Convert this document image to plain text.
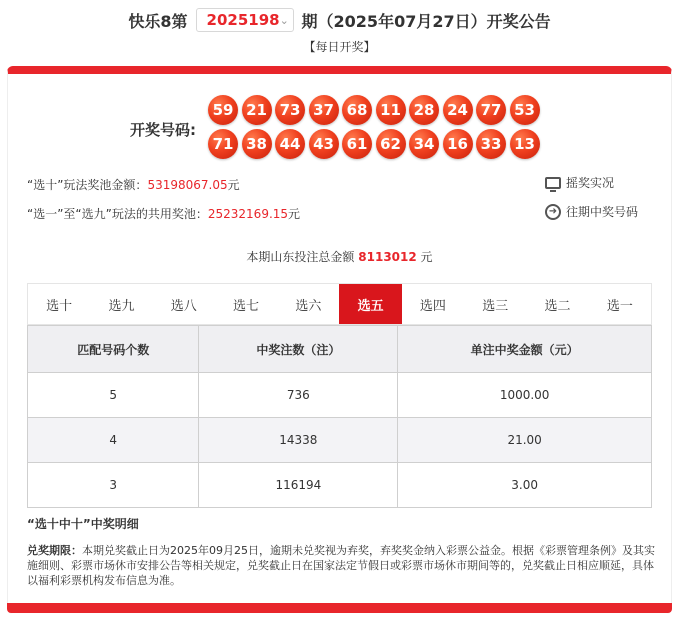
快乐8第 2025198 ⌄ 期（2025年07月27日）开奖公告
【每日开奖】
开奖号码:
59 21 73 37 68 11 28 24 77 53
71 38 44 43 61 62 34 16 33 13
“选十”玩法奖池金额：53198067.05元
“选一”至“选九”玩法的共用奖池：25232169.15元
摇奖实况
➜ 往期中奖号码
本期山东投注总金额 8113012 元
选十	选九	选八	选七	选六	选五	选四	选三	选二	选一
匹配号码个数	中奖注数（注）	单注中奖金额（元）
5	736	1000.00
4	14338	21.00
3	116194	3.00
“选十中十”中奖明细
兑奖期限：本期兑奖截止日为2025年09月25日，逾期未兑奖视为弃奖，弃奖奖金纳入彩票公益金。根据《彩票管理条例》及其实施细则、彩票市场休市安排公告等相关规定，兑奖截止日在国家法定节假日或彩票市场休市期间等的，兑奖截止日相应顺延，具体以福利彩票机构发布信息为准。
